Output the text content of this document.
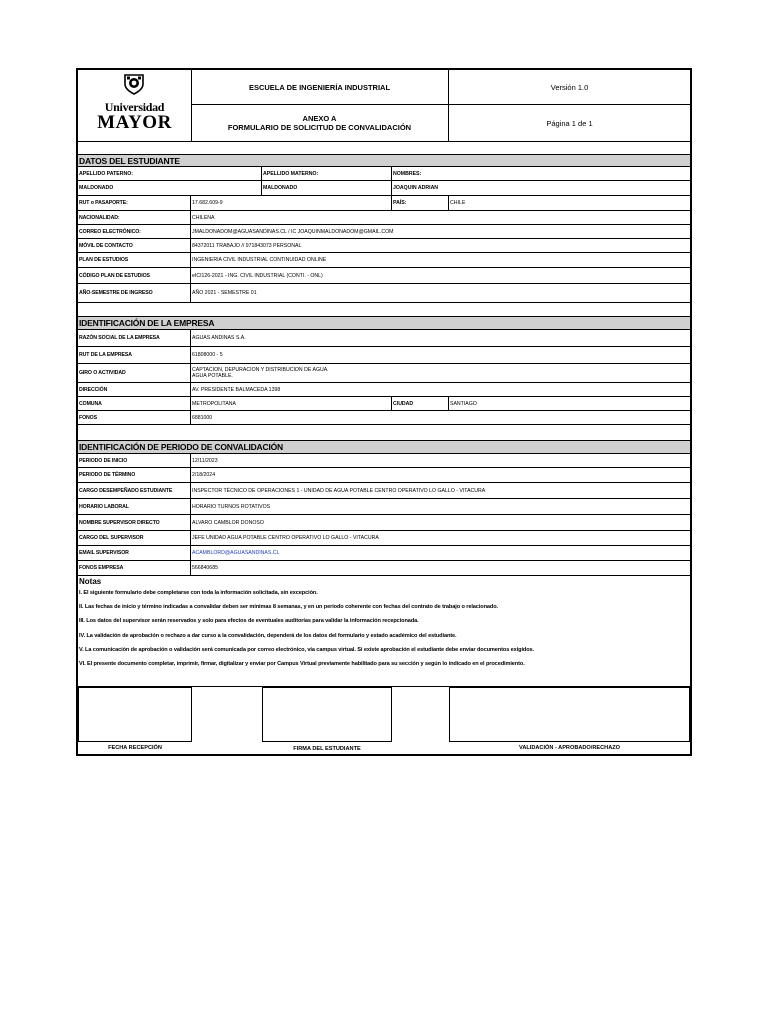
Universidad
MAYOR
ESCUELA DE INGENIERÍA INDUSTRIAL	Versión 1.0
ANEXO A
FORMULARIO DE SOLICITUD DE CONVALIDACIÓN	Página 1 de 1
DATOS DEL ESTUDIANTE
APELLIDO PATERNO:	APELLIDO MATERNO:	NOMBRES:
MALDONADO	MALDONADO	JOAQUIN ADRIAN
RUT o PASAPORTE:	17.682.609-9	PAÍS:	CHILE
NACIONALIDAD:	CHILENA
CORREO ELECTRÓNICO:	JMALDONADOM@AGUASANDINAS.CL / IC JOAQUINMALDONADOM@GMAIL.COM
MÓVIL DE CONTACTO	84372011 TRABAJO // 971843073 PERSONAL
PLAN DE ESTUDIOS	INGENIERIA CIVIL INDUSTRIAL CONTINUIDAD ONLINE
CÓDIGO PLAN DE ESTUDIOS	eICI126-2021 - ING. CIVIL INDUSTRIAL (CONTI. - ONL)
AÑO-SEMESTRE DE INGRESO	AÑO 2021 - SEMESTRE 01
IDENTIFICACIÓN DE LA EMPRESA
RAZÓN SOCIAL DE LA EMPRESA	AGUAS ANDINAS S.A.
RUT DE LA EMPRESA	61808000 - 5
GIRO O ACTIVIDAD	CAPTACION, DEPURACION Y DISTRIBUCION DE AGUA.
AGUA POTABLE.
DIRECCIÓN	AV. PRESIDENTE BALMACEDA 1398
COMUNA	METROPOLITANA	CIUDAD	SANTIAGO
FONOS	6881000
IDENTIFICACIÓN DE PERIODO DE CONVALIDACIÓN
PERIODO DE INICIO	12/11/2023
PERIODO DE TÉRMINO	2/18/2024
CARGO DESEMPEÑADO ESTUDIANTE	INSPECTOR TÉCNICO DE OPERACIONES 1 - UNIDAD DE AGUA POTABLE CENTRO OPERATIVO LO GALLO - VITACURA
HORARIO LABORAL	HORARIO TURNOS ROTATIVOS
NOMBRE SUPERVISOR DIRECTO	ALVARO CAMBLOR DONOSO
CARGO DEL SUPERVISOR	JEFE UNIDAD AGUA POTABLE CENTRO OPERATIVO LO GALLO - VITACURA
EMAIL SUPERVISOR	ACAMBLORD@AGUASANDINAS.CL
FONOS EMPRESA	566840685
Notas
I. El siguiente formulario debe completarse con toda la información solicitada, sin excepción.
II. Las fechas de inicio y término indicadas a convalidar deben ser mínimas 8 semanas, y en un periodo coherente con fechas del contrato de trabajo o relacionado.
III. Los datos del supervisor serán reservados y solo para efectos de eventuales auditorías para validar la información recepcionada.
IV. La validación de aprobación o rechazo a dar curso a la convalidación, dependerá de los datos del formulario y estado académico del estudiante.
V. La comunicación de aprobación o validación será comunicada por correo electrónico, vía campus virtual. Si existe aprobación el estudiante debe enviar documentos exigidos.
VI. El presente documento completar, imprimir, firmar, digitalizar y enviar por Campus Virtual previamente habilitado para su sección y según lo indicado en el procedimiento.
FECHA RECEPCIÓN	FIRMA DEL ESTUDIANTE	VALIDACIÓN - APROBADO/RECHAZO
